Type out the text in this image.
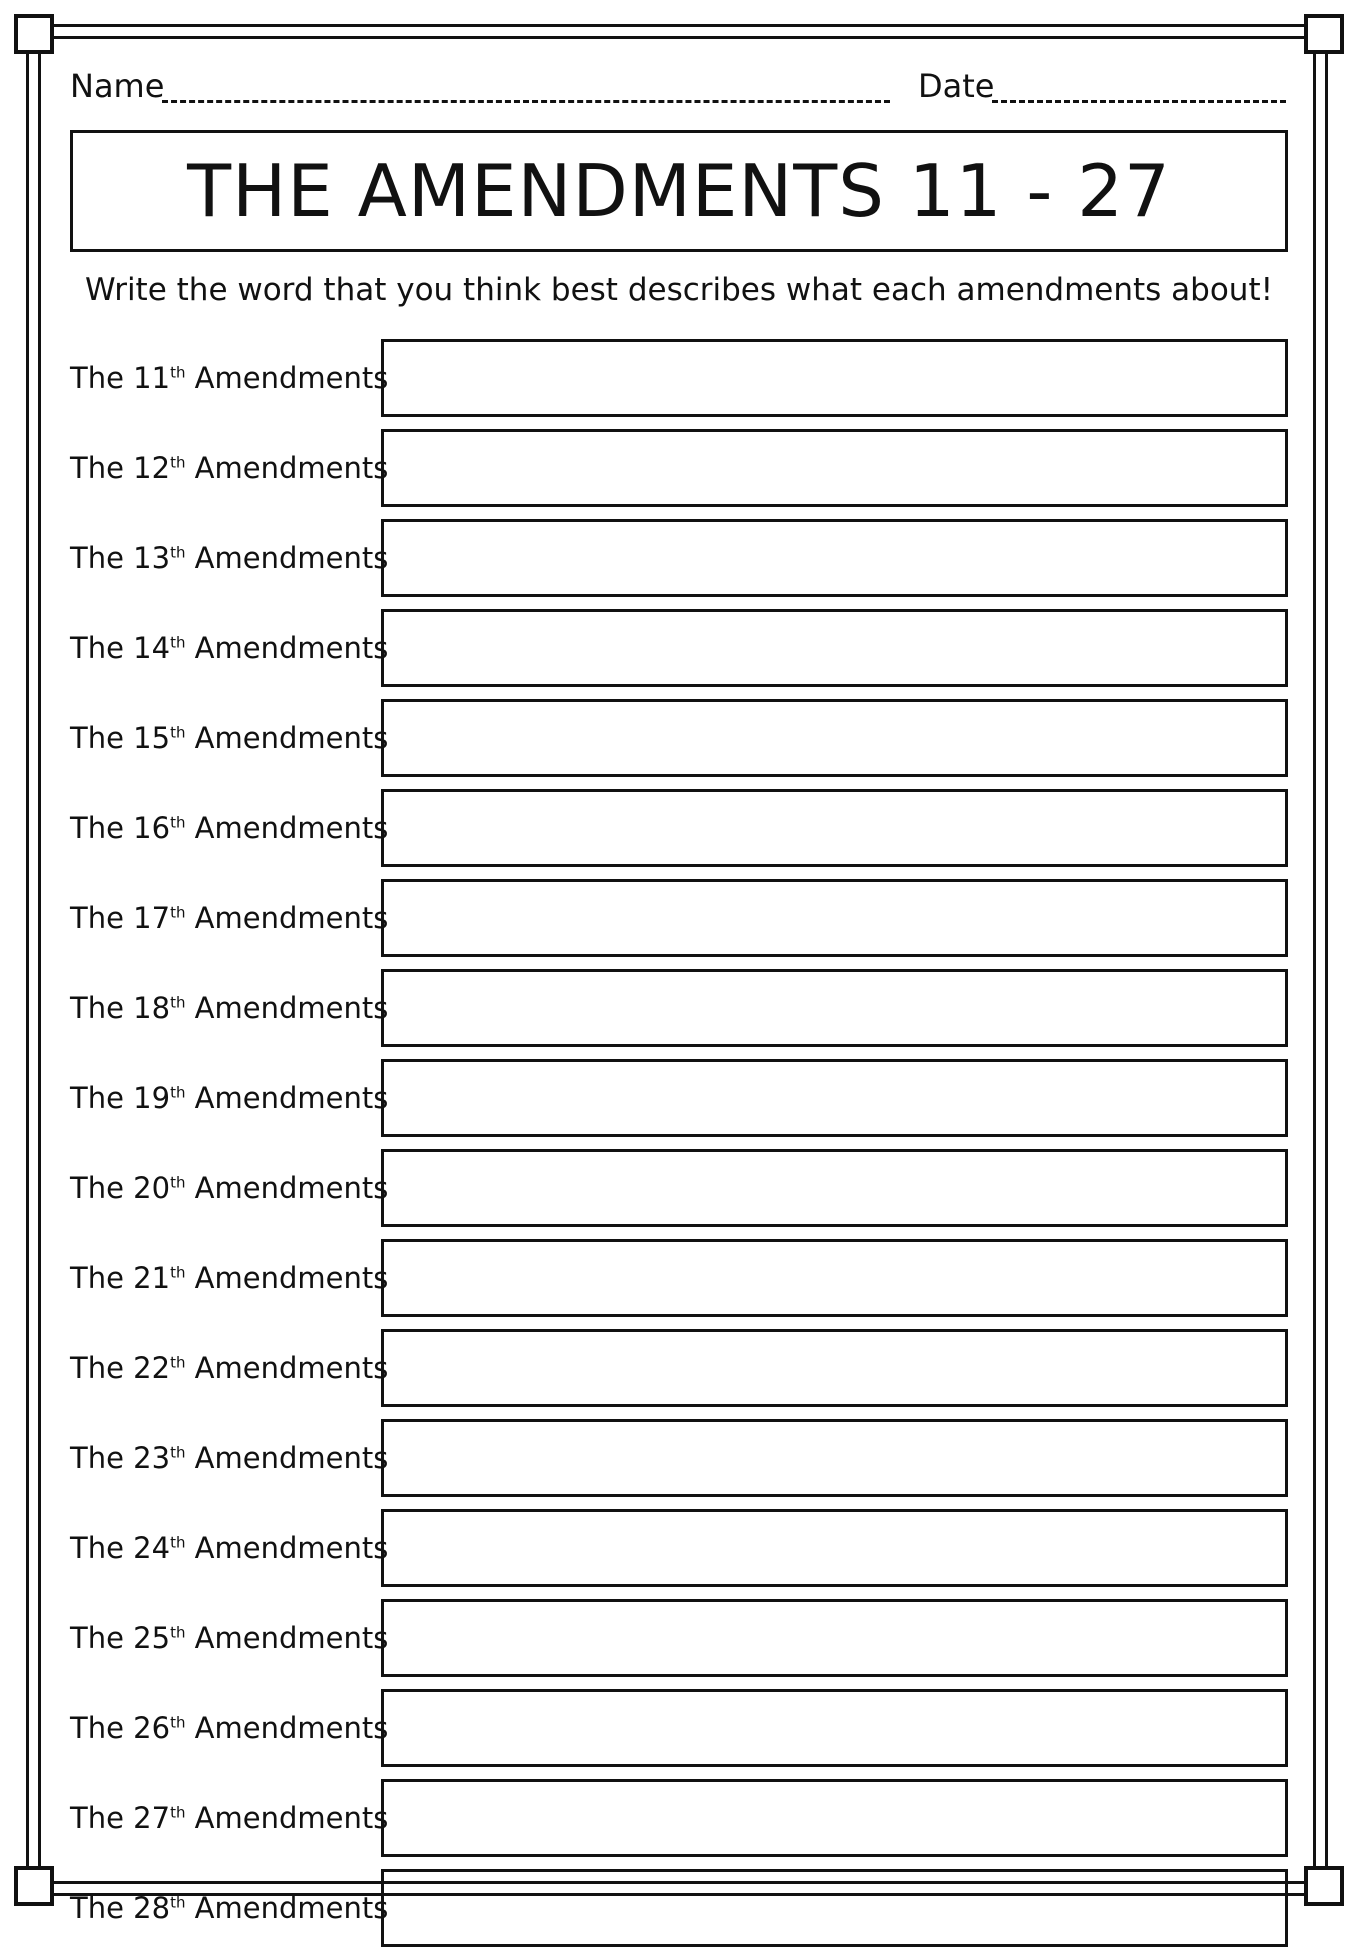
Name	Date
THE AMENDMENTS 11 - 27
Write the word that you think best describes what each amendments about!
The 11th Amendments
The 12th Amendments
The 13th Amendments
The 14th Amendments
The 15th Amendments
The 16th Amendments
The 17th Amendments
The 18th Amendments
The 19th Amendments
The 20th Amendments
The 21th Amendments
The 22th Amendments
The 23th Amendments
The 24th Amendments
The 25th Amendments
The 26th Amendments
The 27th Amendments
The 28th Amendments
